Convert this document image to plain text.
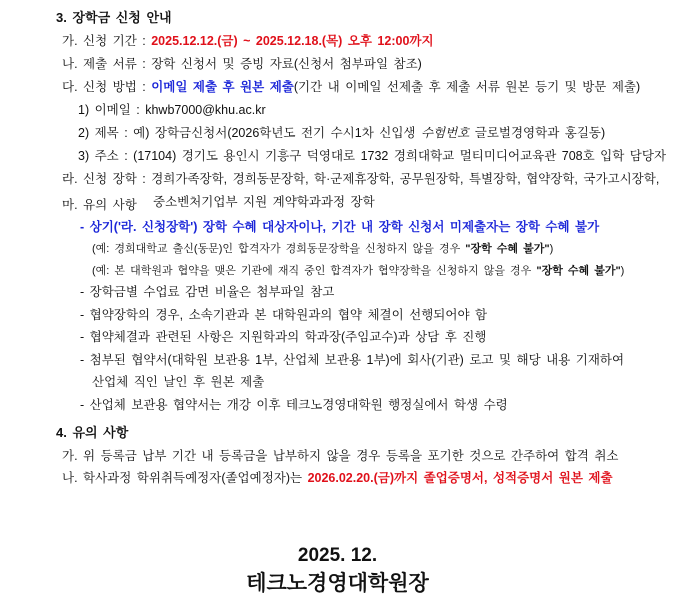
3. 장학금 신청 안내
가. 신청 기간 : 2025.12.12.(금) ~ 2025.12.18.(목) 오후 12:00까지
나. 제출 서류 : 장학 신청서 및 증빙 자료(신청서 첨부파일 참조)
다. 신청 방법 : 이메일 제출 후 원본 제출(기간 내 이메일 선제출 후 제출 서류 원본 등기 및 방문 제출)
1) 이메일 : khwb7000@khu.ac.kr
2) 제목 : 예) 장학금신청서(2026학년도 전기 수시1차 신입생 수험번호 글로벌경영학과 홍길동)
3) 주소 : (17104) 경기도 용인시 기흥구 덕영대로 1732 경희대학교 멀티미디어교육관 708호 입학 담당자
라. 신청 장학 : 경희가족장학, 경희동문장학, 학·군제휴장학, 공무원장학, 특별장학, 협약장학, 국가고시장학,
중소벤처기업부 지원 계약학과과정 장학
마. 유의 사항
- 상기('라. 신청장학') 장학 수혜 대상자이나, 기간 내 장학 신청서 미제출자는 장학 수혜 불가
(예: 경희대학교 출신(동문)인 합격자가 경희동문장학을 신청하지 않을 경우 "장학 수혜 불가")
(예: 본 대학원과 협약을 맺은 기관에 재직 중인 합격자가 협약장학을 신청하지 않을 경우 "장학 수혜 불가")
- 장학금별 수업료 감면 비율은 첨부파일 참고
- 협약장학의 경우, 소속기관과 본 대학원과의 협약 체결이 선행되어야 함
- 협약체결과 관련된 사항은 지원학과의 학과장(주임교수)과 상담 후 진행
- 첨부된 협약서(대학원 보관용 1부, 산업체 보관용 1부)에 회사(기관) 로고 및 해당 내용 기재하여
산업체 직인 날인 후 원본 제출
- 산업체 보관용 협약서는 개강 이후 테크노경영대학원 행정실에서 학생 수령
4. 유의 사항
가. 위 등록금 납부 기간 내 등록금을 납부하지 않을 경우 등록을 포기한 것으로 간주하여 합격 취소
나. 학사과정 학위취득예정자(졸업예정자)는 2026.02.20.(금)까지 졸업증명서, 성적증명서 원본 제출
2025. 12.
테크노경영대학원장
